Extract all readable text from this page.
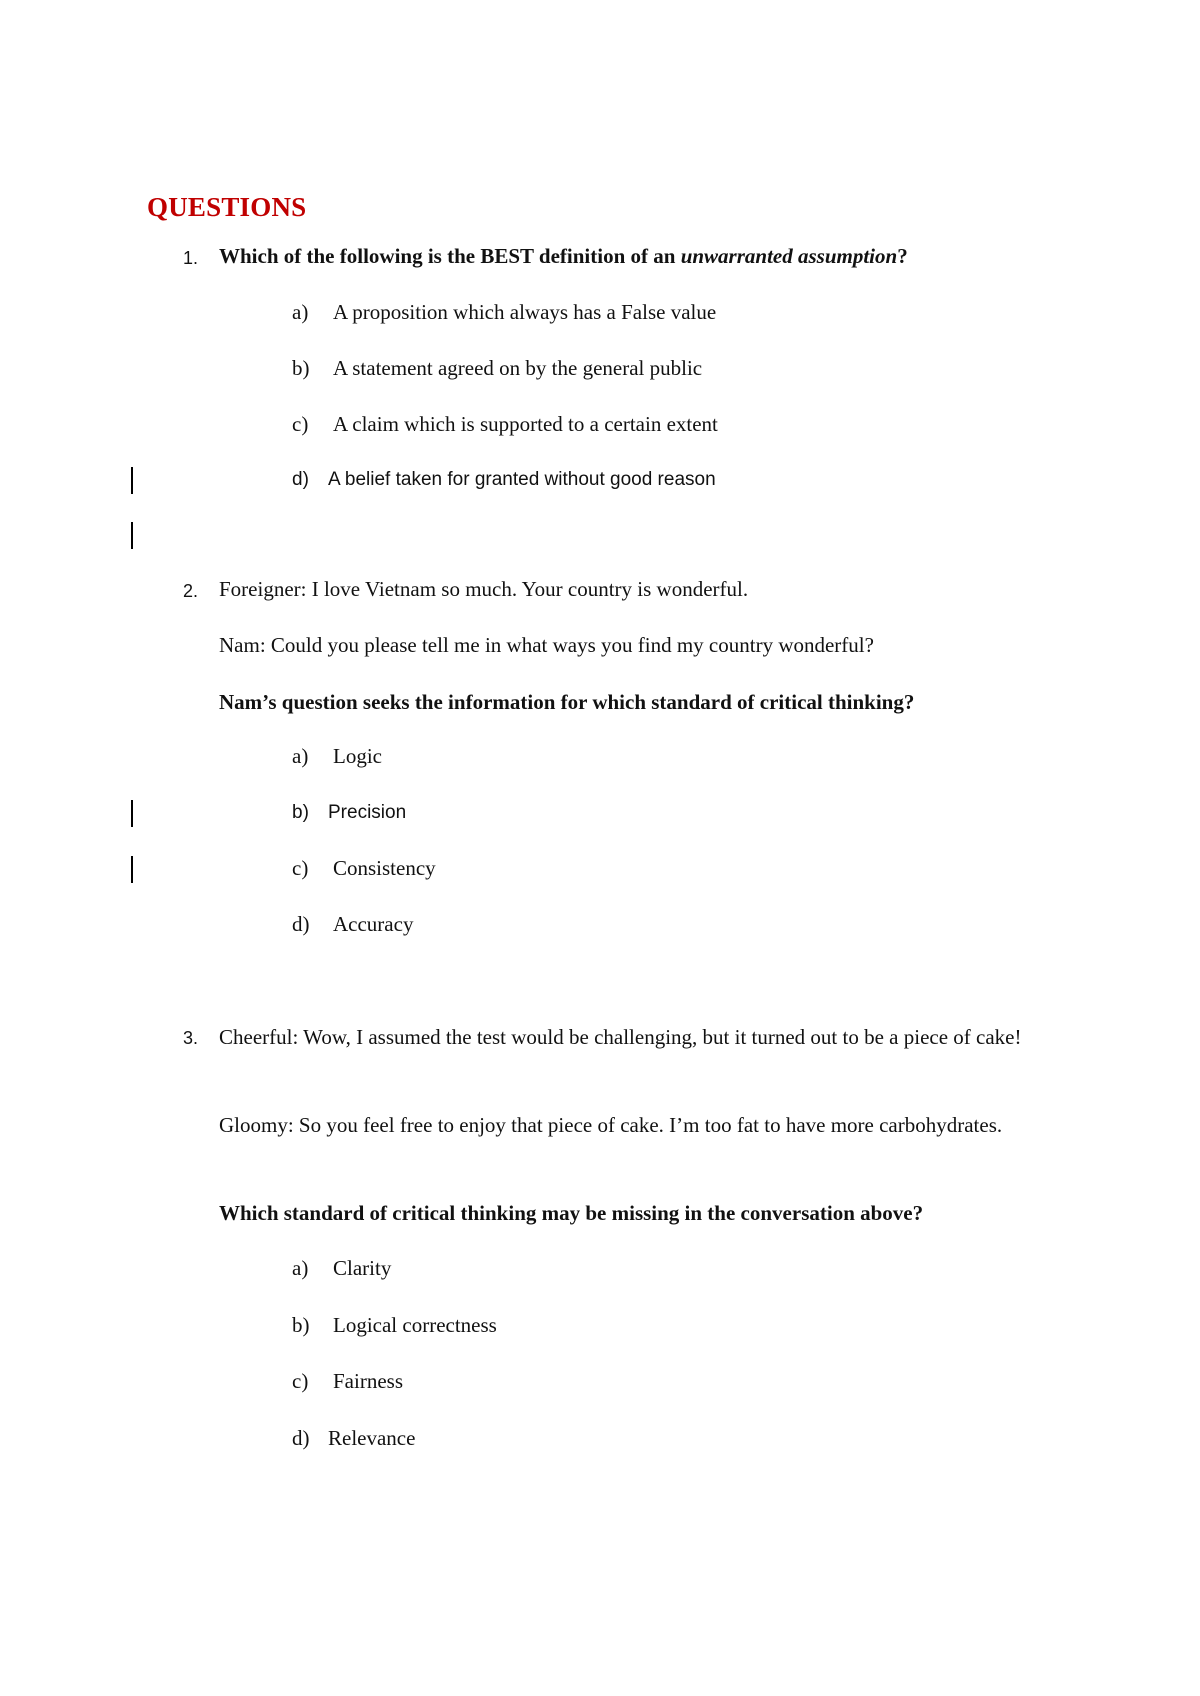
QUESTIONS
1. Which of the following is the BEST definition of an unwarranted assumption?
a) A proposition which always has a False value
b) A statement agreed on by the general public
c) A claim which is supported to a certain extent
d) A belief taken for granted without good reason
2. Foreigner: I love Vietnam so much. Your country is wonderful.
Nam: Could you please tell me in what ways you find my country wonderful?
Nam’s question seeks the information for which standard of critical thinking?
a) Logic
b) Precision
c) Consistency
d) Accuracy
3. Cheerful: Wow, I assumed the test would be challenging, but it turned out to be a piece of cake!
Gloomy: So you feel free to enjoy that piece of cake. I’m too fat to have more carbohydrates.
Which standard of critical thinking may be missing in the conversation above?
a) Clarity
b) Logical correctness
c) Fairness
d) Relevance
